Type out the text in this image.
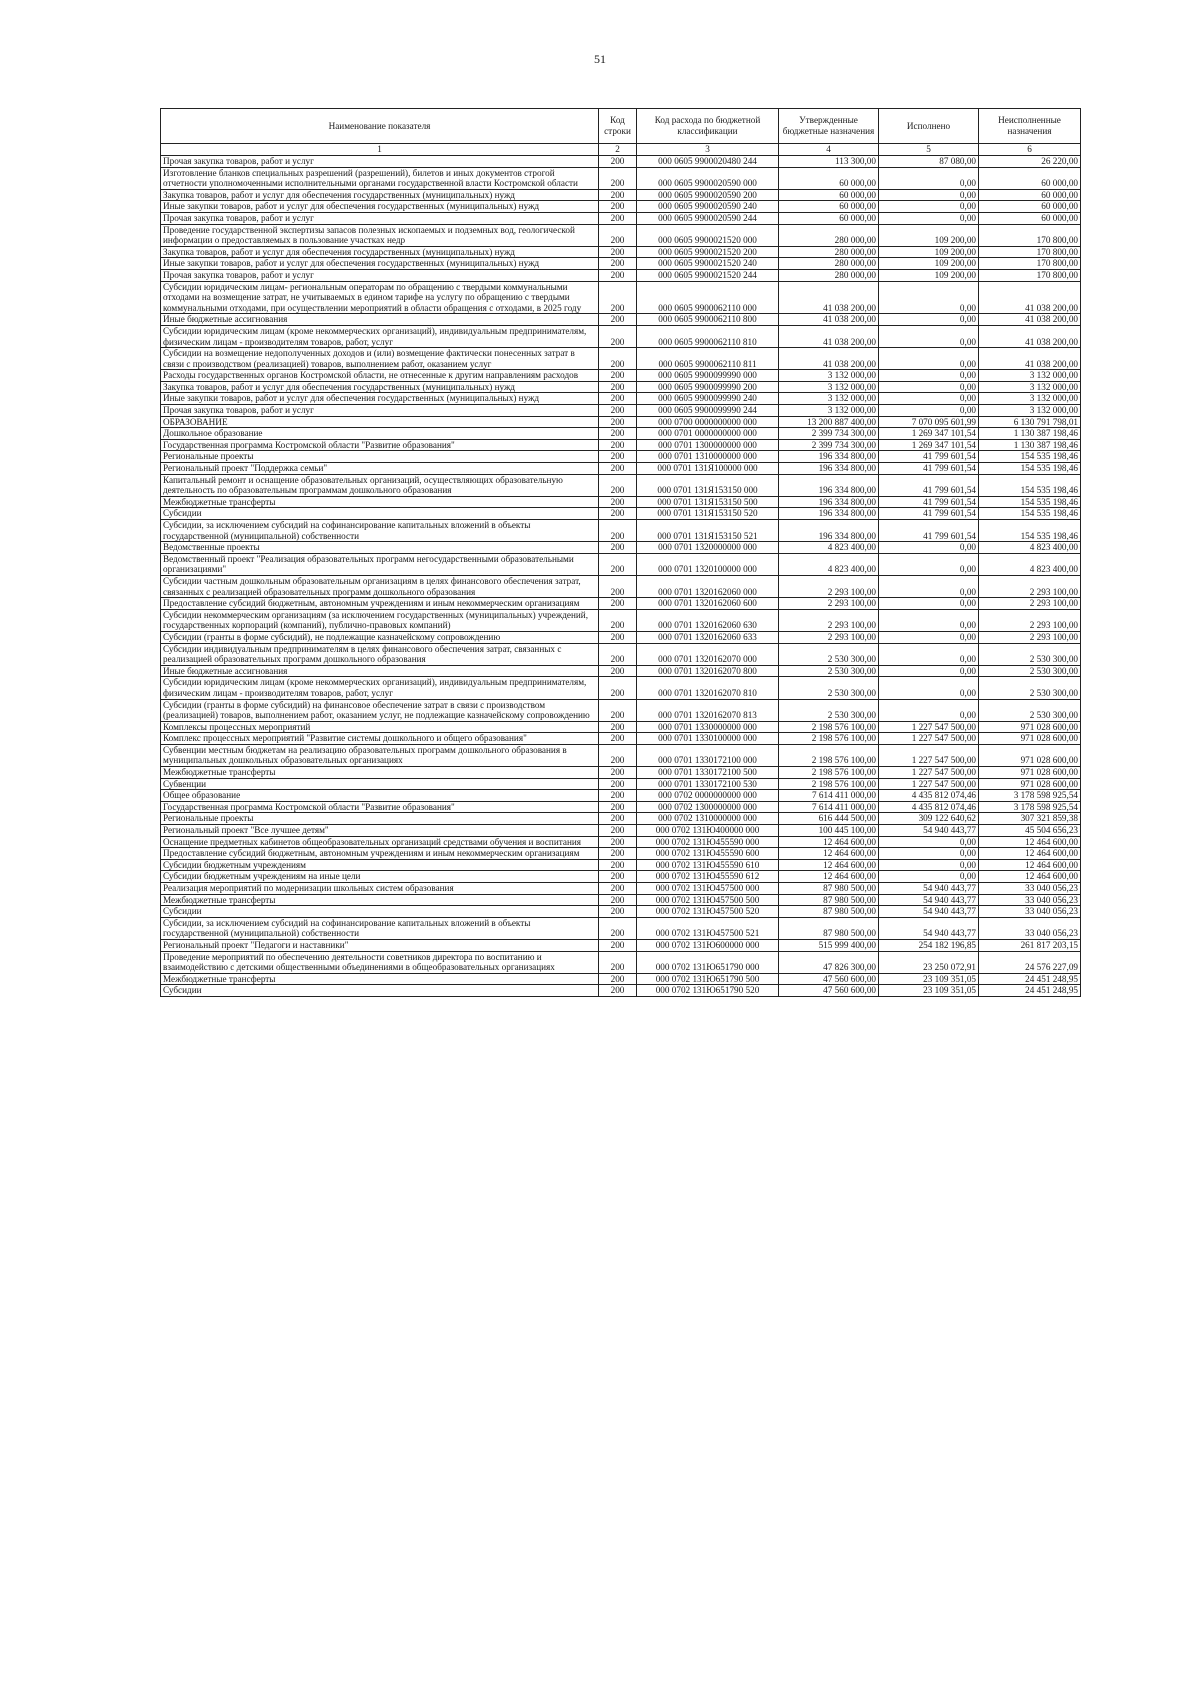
51
Наименование показателя	Код строки	Код расхода по бюджетной классификации	Утвержденные бюджетные назначения	Исполнено	Неисполненные назначения
1	2	3	4	5	6
Прочая закупка товаров, работ и услуг	200	000 0605 9900020480 244	113 300,00	87 080,00	26 220,00
Изготовление бланков специальных разрешений (разрешений), билетов и иных документов строгой отчетности уполномоченными исполнительными органами государственной власти Костромской области	200	000 0605 9900020590 000	60 000,00	0,00	60 000,00
Закупка товаров, работ и услуг для обеспечения государственных (муниципальных) нужд	200	000 0605 9900020590 200	60 000,00	0,00	60 000,00
Иные закупки товаров, работ и услуг для обеспечения государственных (муниципальных) нужд	200	000 0605 9900020590 240	60 000,00	0,00	60 000,00
Прочая закупка товаров, работ и услуг	200	000 0605 9900020590 244	60 000,00	0,00	60 000,00
Проведение государственной экспертизы запасов полезных ископаемых и подземных вод, геологической информации о предоставляемых в пользование участках недр	200	000 0605 9900021520 000	280 000,00	109 200,00	170 800,00
Закупка товаров, работ и услуг для обеспечения государственных (муниципальных) нужд	200	000 0605 9900021520 200	280 000,00	109 200,00	170 800,00
Иные закупки товаров, работ и услуг для обеспечения государственных (муниципальных) нужд	200	000 0605 9900021520 240	280 000,00	109 200,00	170 800,00
Прочая закупка товаров, работ и услуг	200	000 0605 9900021520 244	280 000,00	109 200,00	170 800,00
Субсидии юридическим лицам- региональным операторам по обращению с твердыми коммунальными отходами на возмещение затрат, не учитываемых в едином тарифе на услугу по обращению с твердыми коммунальными отходами, при осуществлении мероприятий в области обращения с отходами, в 2025 году	200	000 0605 9900062110 000	41 038 200,00	0,00	41 038 200,00
Иные бюджетные ассигнования	200	000 0605 9900062110 800	41 038 200,00	0,00	41 038 200,00
Субсидии юридическим лицам (кроме некоммерческих организаций), индивидуальным предпринимателям, физическим лицам - производителям товаров, работ, услуг	200	000 0605 9900062110 810	41 038 200,00	0,00	41 038 200,00
Субсидии на возмещение недополученных доходов и (или) возмещение фактически понесенных затрат в связи с производством (реализацией) товаров, выполнением работ, оказанием услуг	200	000 0605 9900062110 811	41 038 200,00	0,00	41 038 200,00
Расходы государственных органов Костромской области, не отнесенные к другим направлениям расходов	200	000 0605 9900099990 000	3 132 000,00	0,00	3 132 000,00
Закупка товаров, работ и услуг для обеспечения государственных (муниципальных) нужд	200	000 0605 9900099990 200	3 132 000,00	0,00	3 132 000,00
Иные закупки товаров, работ и услуг для обеспечения государственных (муниципальных) нужд	200	000 0605 9900099990 240	3 132 000,00	0,00	3 132 000,00
Прочая закупка товаров, работ и услуг	200	000 0605 9900099990 244	3 132 000,00	0,00	3 132 000,00
ОБРАЗОВАНИЕ	200	000 0700 0000000000 000	13 200 887 400,00	7 070 095 601,99	6 130 791 798,01
Дошкольное образование	200	000 0701 0000000000 000	2 399 734 300,00	1 269 347 101,54	1 130 387 198,46
Государственная программа Костромской области "Развитие образования"	200	000 0701 1300000000 000	2 399 734 300,00	1 269 347 101,54	1 130 387 198,46
Региональные проекты	200	000 0701 1310000000 000	196 334 800,00	41 799 601,54	154 535 198,46
Региональный проект "Поддержка семьи"	200	000 0701 131Я100000 000	196 334 800,00	41 799 601,54	154 535 198,46
Капитальный ремонт и оснащение образовательных организаций, осуществляющих образовательную деятельность по образовательным программам дошкольного образования	200	000 0701 131Я153150 000	196 334 800,00	41 799 601,54	154 535 198,46
Межбюджетные трансферты	200	000 0701 131Я153150 500	196 334 800,00	41 799 601,54	154 535 198,46
Субсидии	200	000 0701 131Я153150 520	196 334 800,00	41 799 601,54	154 535 198,46
Субсидии, за исключением субсидий на софинансирование капитальных вложений в объекты государственной (муниципальной) собственности	200	000 0701 131Я153150 521	196 334 800,00	41 799 601,54	154 535 198,46
Ведомственные проекты	200	000 0701 1320000000 000	4 823 400,00	0,00	4 823 400,00
Ведомственный проект "Реализация образовательных программ негосударственными образовательными организациями"	200	000 0701 1320100000 000	4 823 400,00	0,00	4 823 400,00
Субсидии частным дошкольным образовательным организациям в целях финансового обеспечения затрат, связанных с реализацией образовательных программ дошкольного образования	200	000 0701 1320162060 000	2 293 100,00	0,00	2 293 100,00
Предоставление субсидий бюджетным, автономным учреждениям и иным некоммерческим организациям	200	000 0701 1320162060 600	2 293 100,00	0,00	2 293 100,00
Субсидии некоммерческим организациям (за исключением государственных (муниципальных) учреждений, государственных корпораций (компаний), публично-правовых компаний)	200	000 0701 1320162060 630	2 293 100,00	0,00	2 293 100,00
Субсидии (гранты в форме субсидий), не подлежащие казначейскому сопровождению	200	000 0701 1320162060 633	2 293 100,00	0,00	2 293 100,00
Субсидии индивидуальным предпринимателям в целях финансового обеспечения затрат, связанных с реализацией образовательных программ дошкольного образования	200	000 0701 1320162070 000	2 530 300,00	0,00	2 530 300,00
Иные бюджетные ассигнования	200	000 0701 1320162070 800	2 530 300,00	0,00	2 530 300,00
Субсидии юридическим лицам (кроме некоммерческих организаций), индивидуальным предпринимателям, физическим лицам - производителям товаров, работ, услуг	200	000 0701 1320162070 810	2 530 300,00	0,00	2 530 300,00
Субсидии (гранты в форме субсидий) на финансовое обеспечение затрат в связи с производством (реализацией) товаров, выполнением работ, оказанием услуг, не подлежащие казначейскому сопровождению	200	000 0701 1320162070 813	2 530 300,00	0,00	2 530 300,00
Комплексы процессных мероприятий	200	000 0701 1330000000 000	2 198 576 100,00	1 227 547 500,00	971 028 600,00
Комплекс процессных мероприятий "Развитие системы дошкольного и общего образования"	200	000 0701 1330100000 000	2 198 576 100,00	1 227 547 500,00	971 028 600,00
Субвенции местным бюджетам на реализацию образовательных программ дошкольного образования в муниципальных дошкольных образовательных организациях	200	000 0701 1330172100 000	2 198 576 100,00	1 227 547 500,00	971 028 600,00
Межбюджетные трансферты	200	000 0701 1330172100 500	2 198 576 100,00	1 227 547 500,00	971 028 600,00
Субвенции	200	000 0701 1330172100 530	2 198 576 100,00	1 227 547 500,00	971 028 600,00
Общее образование	200	000 0702 0000000000 000	7 614 411 000,00	4 435 812 074,46	3 178 598 925,54
Государственная программа Костромской области "Развитие образования"	200	000 0702 1300000000 000	7 614 411 000,00	4 435 812 074,46	3 178 598 925,54
Региональные проекты	200	000 0702 1310000000 000	616 444 500,00	309 122 640,62	307 321 859,38
Региональный проект "Все лучшее детям"	200	000 0702 131Ю400000 000	100 445 100,00	54 940 443,77	45 504 656,23
Оснащение предметных кабинетов общеобразовательных организаций средствами обучения и воспитания	200	000 0702 131Ю455590 000	12 464 600,00	0,00	12 464 600,00
Предоставление субсидий бюджетным, автономным учреждениям и иным некоммерческим организациям	200	000 0702 131Ю455590 600	12 464 600,00	0,00	12 464 600,00
Субсидии бюджетным учреждениям	200	000 0702 131Ю455590 610	12 464 600,00	0,00	12 464 600,00
Субсидии бюджетным учреждениям на иные цели	200	000 0702 131Ю455590 612	12 464 600,00	0,00	12 464 600,00
Реализация мероприятий по модернизации школьных систем образования	200	000 0702 131Ю457500 000	87 980 500,00	54 940 443,77	33 040 056,23
Межбюджетные трансферты	200	000 0702 131Ю457500 500	87 980 500,00	54 940 443,77	33 040 056,23
Субсидии	200	000 0702 131Ю457500 520	87 980 500,00	54 940 443,77	33 040 056,23
Субсидии, за исключением субсидий на софинансирование капитальных вложений в объекты государственной (муниципальной) собственности	200	000 0702 131Ю457500 521	87 980 500,00	54 940 443,77	33 040 056,23
Региональный проект "Педагоги и наставники"	200	000 0702 131Ю600000 000	515 999 400,00	254 182 196,85	261 817 203,15
Проведение мероприятий по обеспечению деятельности советников директора по воспитанию и взаимодействию с детскими общественными объединениями в общеобразовательных организациях	200	000 0702 131Ю651790 000	47 826 300,00	23 250 072,91	24 576 227,09
Межбюджетные трансферты	200	000 0702 131Ю651790 500	47 560 600,00	23 109 351,05	24 451 248,95
Субсидии	200	000 0702 131Ю651790 520	47 560 600,00	23 109 351,05	24 451 248,95
